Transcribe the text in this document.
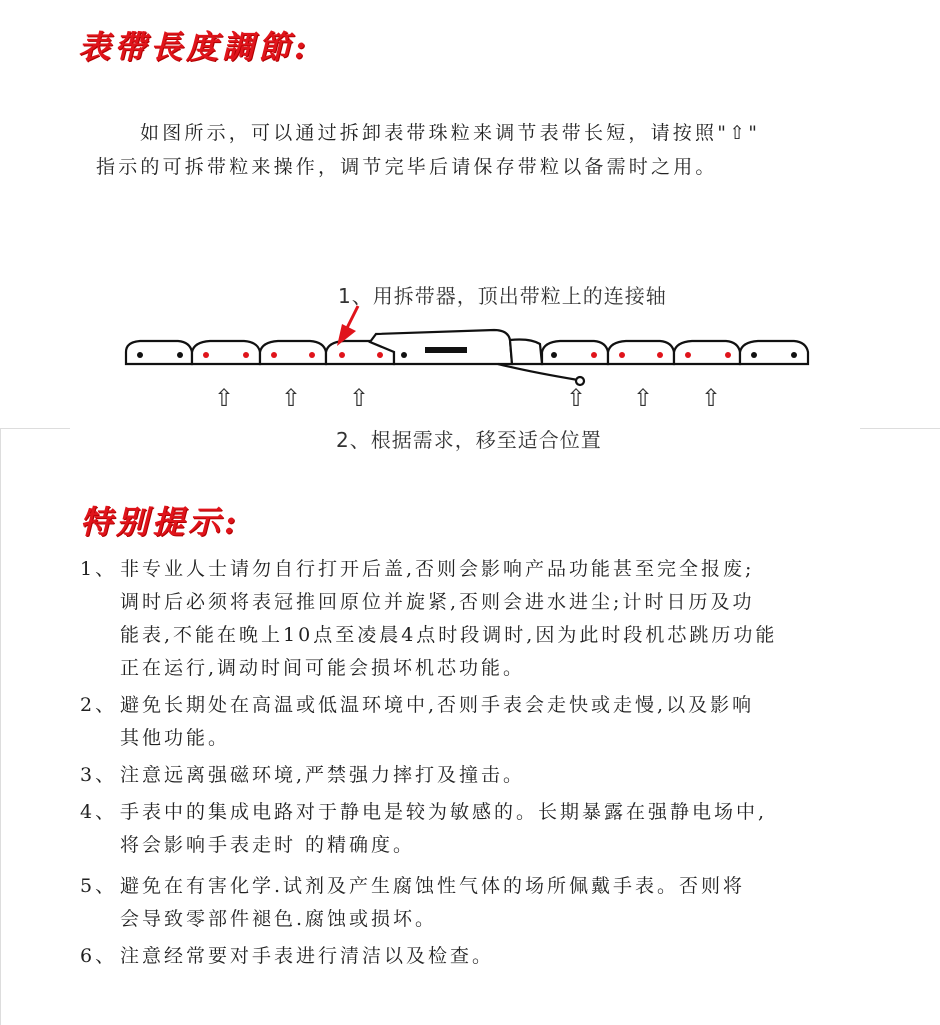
表帶長度調節:

如图所示，可以通过拆卸表带珠粒来调节表带长短，请按照"⇧"
指示的可拆带粒来操作，调节完毕后请保存带粒以备需时之用。

1、用拆带器，顶出带粒上的连接轴

⇧ ⇧ ⇧	⇧ ⇧ ⇧

2、根据需求，移至适合位置

特别提示:
1、 非专业人士请勿自行打开后盖,否则会影响产品功能甚至完全报废;
调时后必须将表冠推回原位并旋紧,否则会进水进尘;计时日历及功
能表,不能在晚上10点至凌晨4点时段调时,因为此时段机芯跳历功能
正在运行,调动时间可能会损坏机芯功能。
2、 避免长期处在高温或低温环境中,否则手表会走快或走慢,以及影响
其他功能。
3、 注意远离强磁环境,严禁强力摔打及撞击。
4、 手表中的集成电路对于静电是较为敏感的。长期暴露在强静电场中,
将会影响手表走时 的精确度。
5、 避免在有害化学.试剂及产生腐蚀性气体的场所佩戴手表。否则将
会导致零部件褪色.腐蚀或损坏。
6、 注意经常要对手表进行清洁以及检查。
